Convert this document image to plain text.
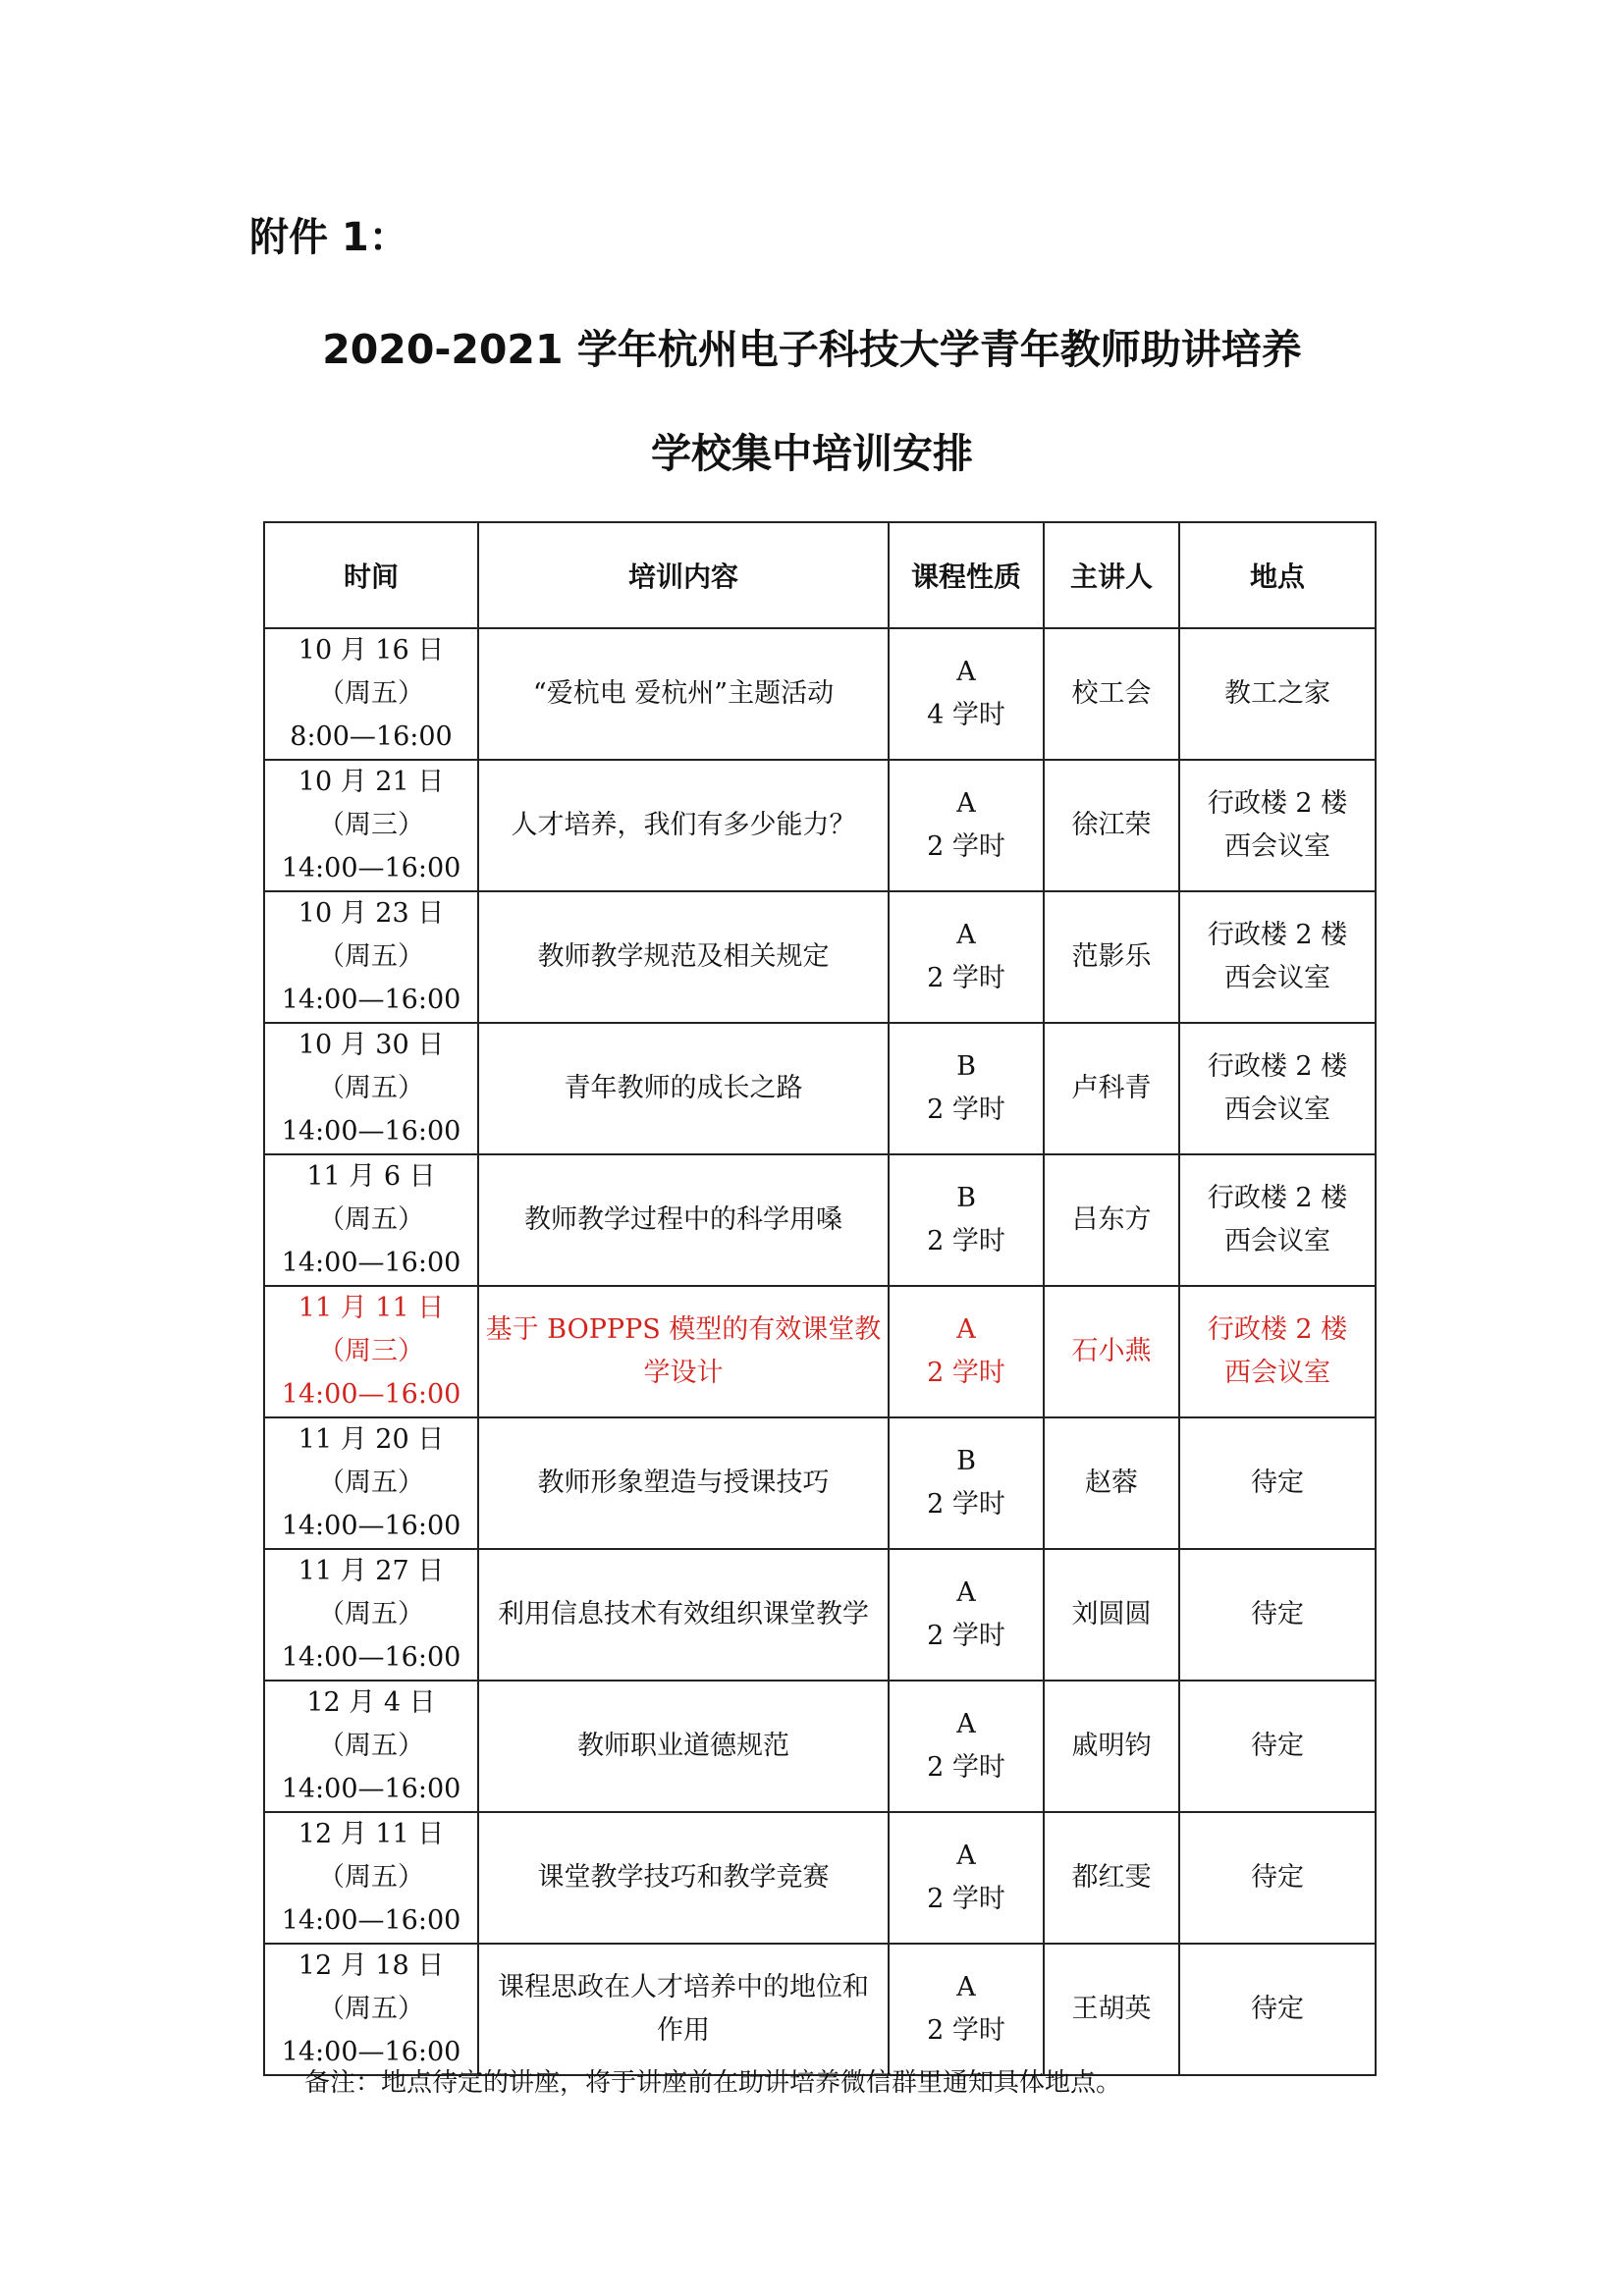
附件 1：
2020-2021 学年杭州电子科技大学青年教师助讲培养
学校集中培训安排
时间	培训内容	课程性质	主讲人	地点

10 月 16 日
（周五）
8:00—16:00	“爱杭电 爱杭州”主题活动	A
4 学时	校工会	教工之家

10 月 21 日
（周三）
14:00—16:00	人才培养，我们有多少能力？	A
2 学时	徐江荣	行政楼 2 楼
西会议室

10 月 23 日
（周五）
14:00—16:00	教师教学规范及相关规定	A
2 学时	范影乐	行政楼 2 楼
西会议室

10 月 30 日
（周五）
14:00—16:00	青年教师的成长之路	B
2 学时	卢科青	行政楼 2 楼
西会议室

11 月 6 日
（周五）
14:00—16:00	教师教学过程中的科学用嗓	B
2 学时	吕东方	行政楼 2 楼
西会议室

11 月 11 日
（周三）
14:00—16:00	基于 BOPPPS 模型的有效课堂教学设计	A
2 学时	石小燕	行政楼 2 楼
西会议室

11 月 20 日
（周五）
14:00—16:00	教师形象塑造与授课技巧	B
2 学时	赵蓉	待定

11 月 27 日
（周五）
14:00—16:00	利用信息技术有效组织课堂教学	A
2 学时	刘圆圆	待定

12 月 4 日
（周五）
14:00—16:00	教师职业道德规范	A
2 学时	戚明钧	待定

12 月 11 日
（周五）
14:00—16:00	课堂教学技巧和教学竞赛	A
2 学时	都红雯	待定

12 月 18 日
（周五）
14:00—16:00	课程思政在人才培养中的地位和作用	A
2 学时	王胡英	待定
备注：地点待定的讲座，将于讲座前在助讲培养微信群里通知具体地点。
